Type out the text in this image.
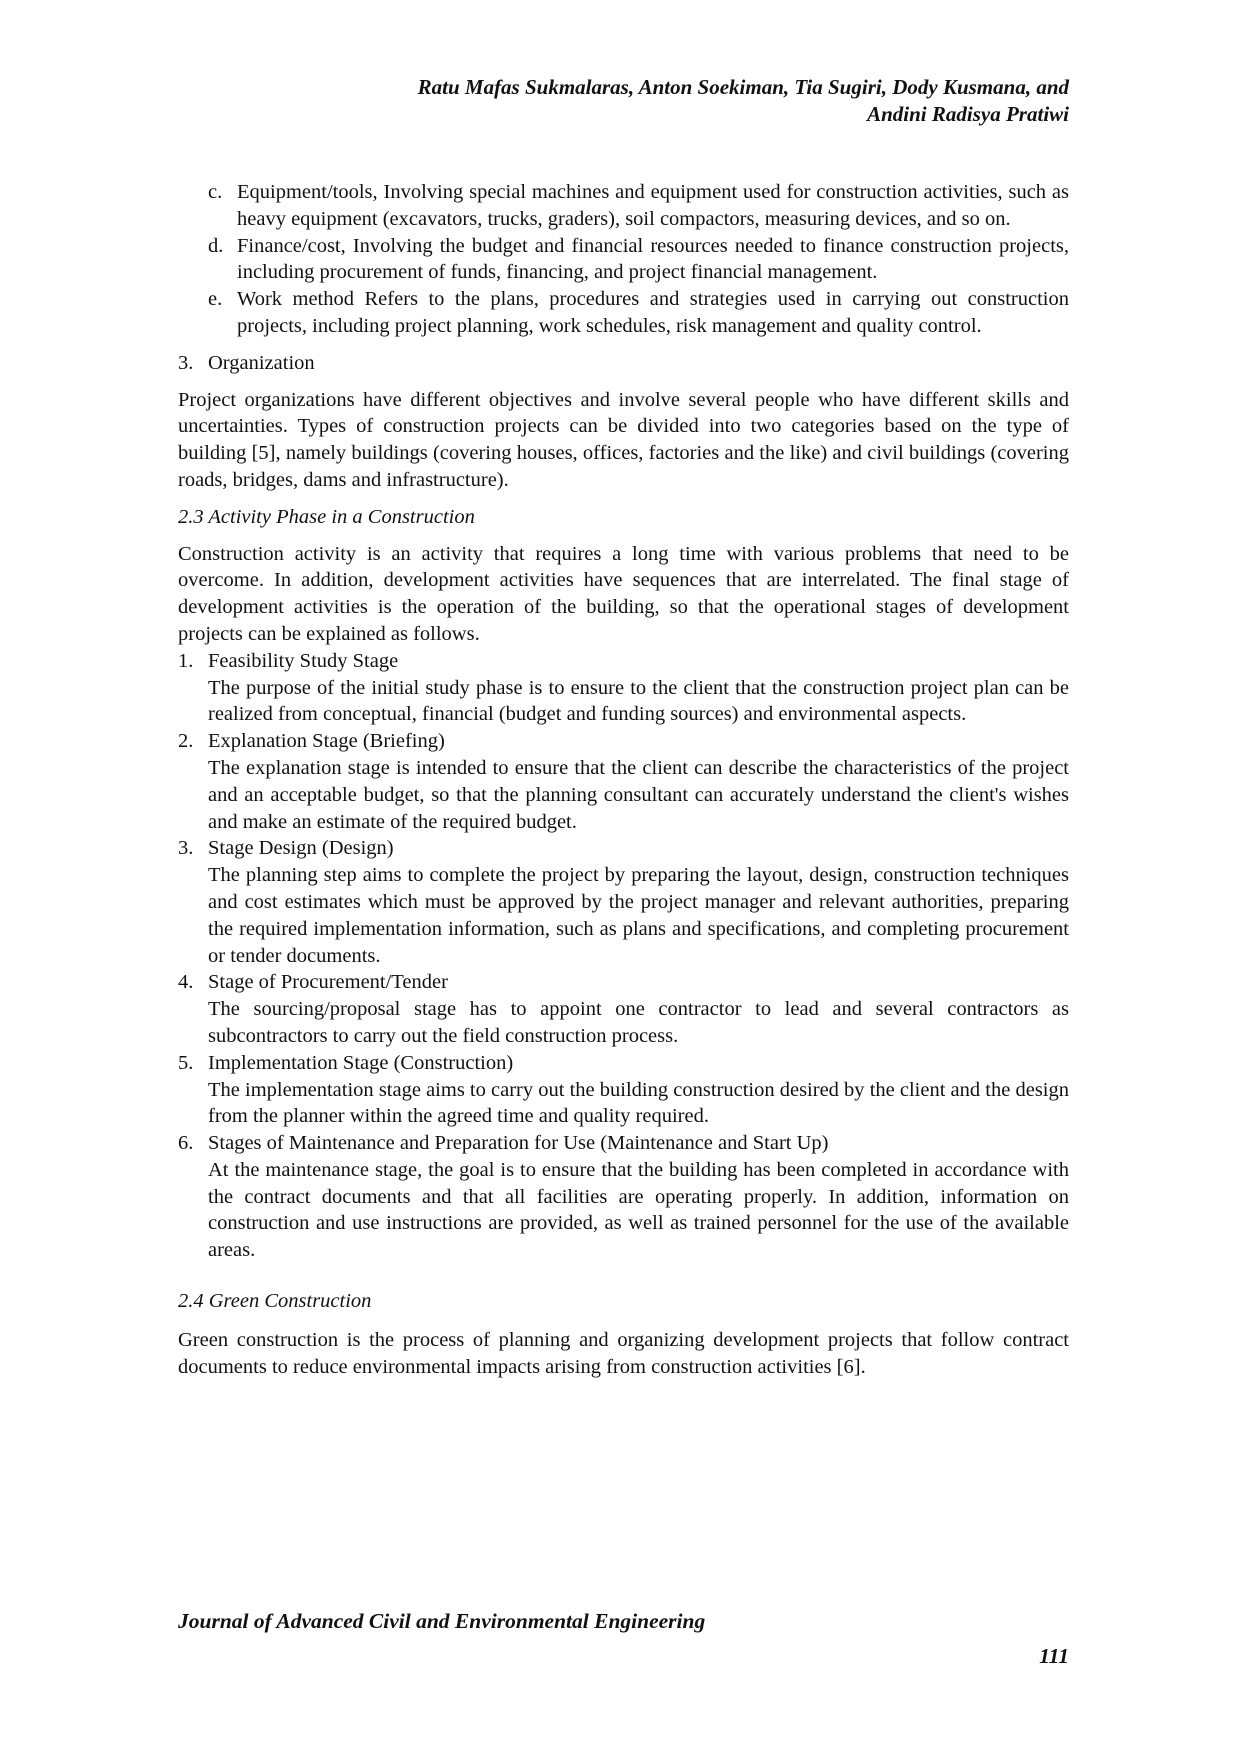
Ratu Mafas Sukmalaras, Anton Soekiman, Tia Sugiri, Dody Kusmana, and
Andini Radisya Pratiwi
c. Equipment/tools, Involving special machines and equipment used for construction activities, such as heavy equipment (excavators, trucks, graders), soil compactors, measuring devices, and so on.
d. Finance/cost, Involving the budget and financial resources needed to finance construction projects, including procurement of funds, financing, and project financial management.
e. Work method Refers to the plans, procedures and strategies used in carrying out construction projects, including project planning, work schedules, risk management and quality control.
3. Organization

Project organizations have different objectives and involve several people who have different skills and uncertainties. Types of construction projects can be divided into two categories based on the type of building [5], namely buildings (covering houses, offices, factories and the like) and civil buildings (covering roads, bridges, dams and infrastructure).

2.3 Activity Phase in a Construction

Construction activity is an activity that requires a long time with various problems that need to be overcome. In addition, development activities have sequences that are interrelated. The final stage of development activities is the operation of the building, so that the operational stages of development projects can be explained as follows.

1. Feasibility Study Stage
The purpose of the initial study phase is to ensure to the client that the construction project plan can be realized from conceptual, financial (budget and funding sources) and environmental aspects.
2. Explanation Stage (Briefing)
The explanation stage is intended to ensure that the client can describe the characteristics of the project and an acceptable budget, so that the planning consultant can accurately understand the client's wishes and make an estimate of the required budget.
3. Stage Design (Design)
The planning step aims to complete the project by preparing the layout, design, construction techniques and cost estimates which must be approved by the project manager and relevant authorities, preparing the required implementation information, such as plans and specifications, and completing procurement or tender documents.
4. Stage of Procurement/Tender
The sourcing/proposal stage has to appoint one contractor to lead and several contractors as subcontractors to carry out the field construction process.
5. Implementation Stage (Construction)
The implementation stage aims to carry out the building construction desired by the client and the design from the planner within the agreed time and quality required.
6. Stages of Maintenance and Preparation for Use (Maintenance and Start Up)
At the maintenance stage, the goal is to ensure that the building has been completed in accordance with the contract documents and that all facilities are operating properly. In addition, information on construction and use instructions are provided, as well as trained personnel for the use of the available areas.

2.4 Green Construction

Green construction is the process of planning and organizing development projects that follow contract documents to reduce environmental impacts arising from construction activities [6].

Journal of Advanced Civil and Environmental Engineering
111
